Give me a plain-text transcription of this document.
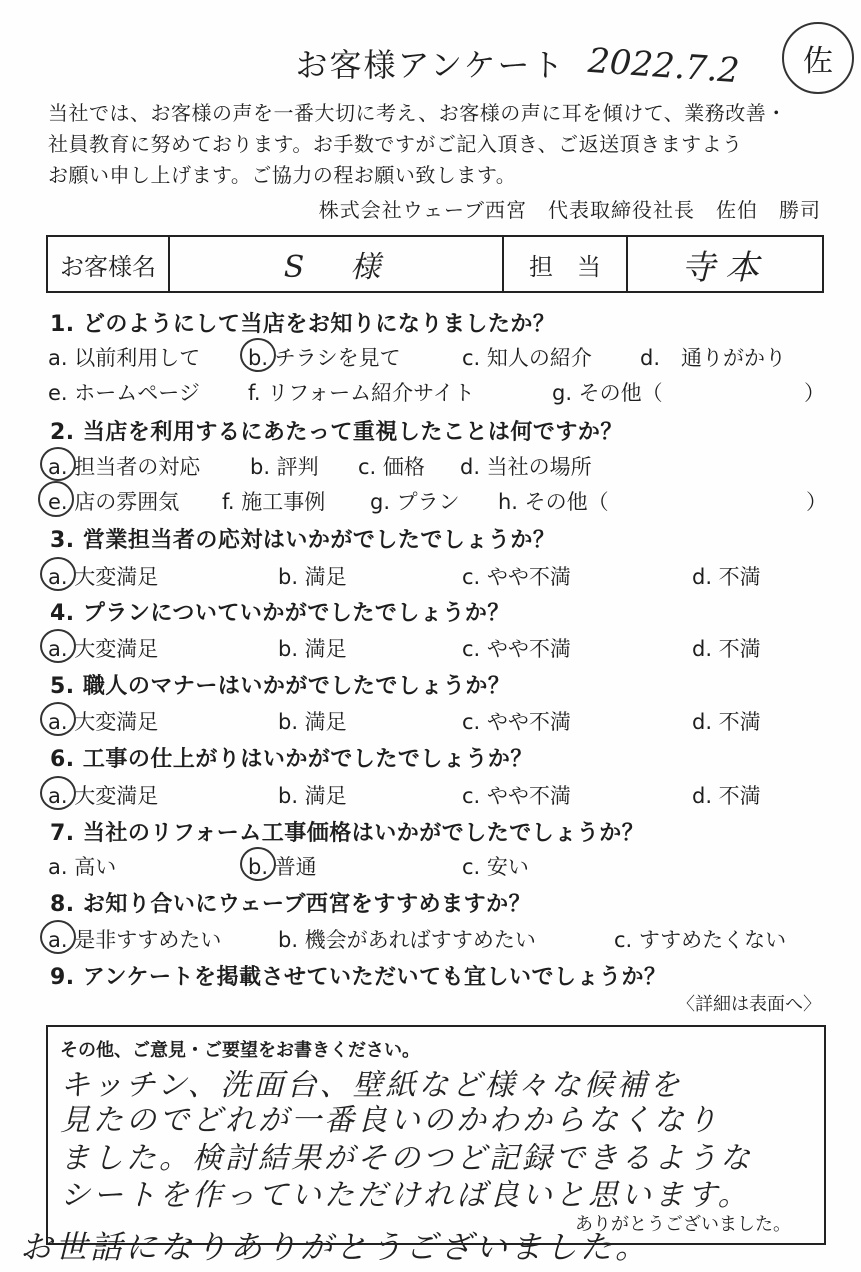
お客様アンケート 2022.7.2 佐
当社では、お客様の声を一番大切に考え、お客様の声に耳を傾けて、業務改善・
社員教育に努めております。お手数ですがご記入頂き、ご返送頂きますよう
お願い申し上げます。ご協力の程お願い致します。
株式会社ウェーブ西宮　代表取締役社長　佐伯　勝司
お客様名	S　様	担　当	寺本
1. どのようにして当店をお知りになりましたか？
a. 以前利用して b. チラシを見て	c. 知人の紹介 d.　通りがかり
e. ホームページ f. リフォーム紹介サイト	g. その他（	）
2. 当店を利用するにあたって重視したことは何ですか？
a. 担当者の対応 b. 評判 c. 価格 d. 当社の場所
e. 店の雰囲気 f. 施工事例 g. プラン h. その他（	）
3. 営業担当者の応対はいかがでしたでしょうか？
a. 大変満足	b. 満足	c. やや不満	d. 不満
4. プランについていかがでしたでしょうか？
a. 大変満足	b. 満足	c. やや不満	d. 不満
5. 職人のマナーはいかがでしたでしょうか？
a. 大変満足	b. 満足	c. やや不満	d. 不満
6. 工事の仕上がりはいかがでしたでしょうか？
a. 大変満足	b. 満足	c. やや不満	d. 不満
7. 当社のリフォーム工事価格はいかがでしたでしょうか？
a. 高い	b. 普通	c. 安い
8. お知り合いにウェーブ西宮をすすめますか？
a. 是非すすめたい	b. 機会があればすすめたい	c. すすめたくない
9. アンケートを掲載させていただいても宜しいでしょうか？
〈詳細は表面へ〉
その他、ご意見・ご要望をお書きください。
キッチン、洗面台、壁紙など様々な候補を
見たのでどれが一番良いのかわからなくなり
ました。検討結果がそのつど記録できるような
シートを作っていただければ良いと思います。
お世話になりありがとうございました。
ありがとうございました。
